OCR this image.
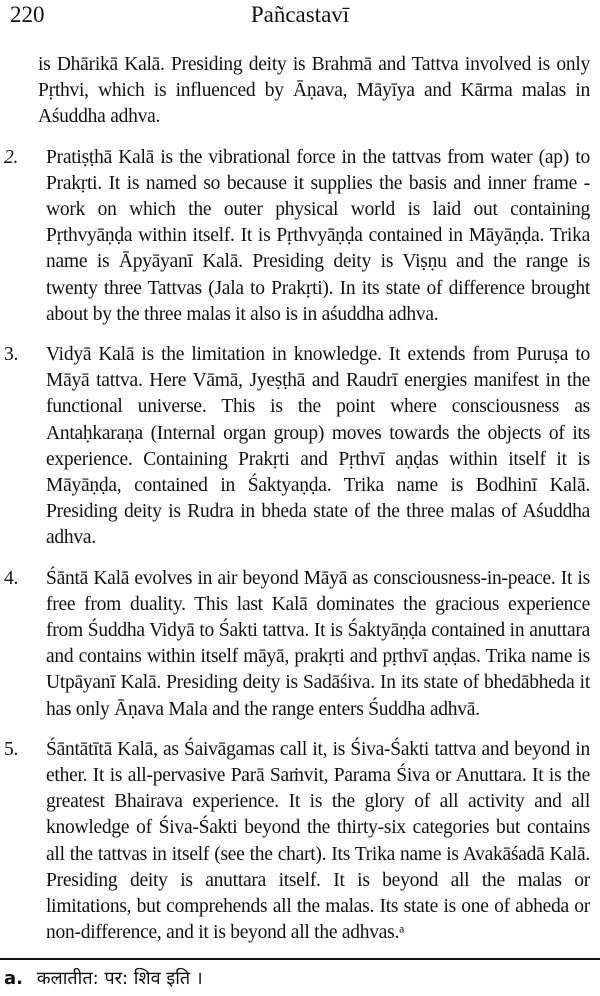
220	Pañcastavī

is Dhārikā Kalā. Presiding deity is Brahmā and Tattva involved is only Pṛthvi, which is influenced by Āṇava, Māyīya and Kārma malas in Aśuddha adhva.

2. Pratiṣṭhā Kalā is the vibrational force in the tattvas from water (ap) to Prakṛti. It is named so because it supplies the basis and inner frame -work on which the outer physical world is laid out containing Pṛthvyāṇḍa within itself. It is Pṛthvyāṇḍa contained in Māyāṇḍa. Trika name is Āpyāyanī Kalā. Presiding deity is Viṣṇu and the range is twenty three Tattvas (Jala to Prakṛti). In its state of difference brought about by the three malas it also is in aśuddha adhva.

3. Vidyā Kalā is the limitation in knowledge. It extends from Puruṣa to Māyā tattva. Here Vāmā, Jyeṣṭhā and Raudrī energies manifest in the functional universe. This is the point where consciousness as Antaḥkaraṇa (Internal organ group) moves towards the objects of its experience. Containing Prakṛti and Pṛthvī aṇḍas within itself it is Māyāṇḍa, contained in Śaktyaṇḍa. Trika name is Bodhinī Kalā. Presiding deity is Rudra in bheda state of the three malas of Aśuddha adhva.

4. Śāntā Kalā evolves in air beyond Māyā as consciousness-in-peace. It is free from duality. This last Kalā dominates the gracious experience from Śuddha Vidyā to Śakti tattva. It is Śaktyāṇḍa contained in anuttara and contains within itself māyā, prakṛti and pṛthvī aṇḍas. Trika name is Utpāyanī Kalā. Presiding deity is Sadāśiva. In its state of bhedābheda it has only Āṇava Mala and the range enters Śuddha adhvā.

5. Śāntātītā Kalā, as Śaivāgamas call it, is Śiva-Śakti tattva and beyond in ether. It is all-pervasive Parā Saṁvit, Parama Śiva or Anuttara. It is the greatest Bhairava experience. It is the glory of all activity and all knowledge of Śiva-Śakti beyond the thirty-six categories but contains all the tattvas in itself (see the chart). Its Trika name is Avakāśadā Kalā. Presiding deity is anuttara itself. It is beyond all the malas or limitations, but comprehends all the malas. Its state is one of abheda or non-difference, and it is beyond all the adhvas.ᵃ

a. कलातीत: पर: शिव इति ।
